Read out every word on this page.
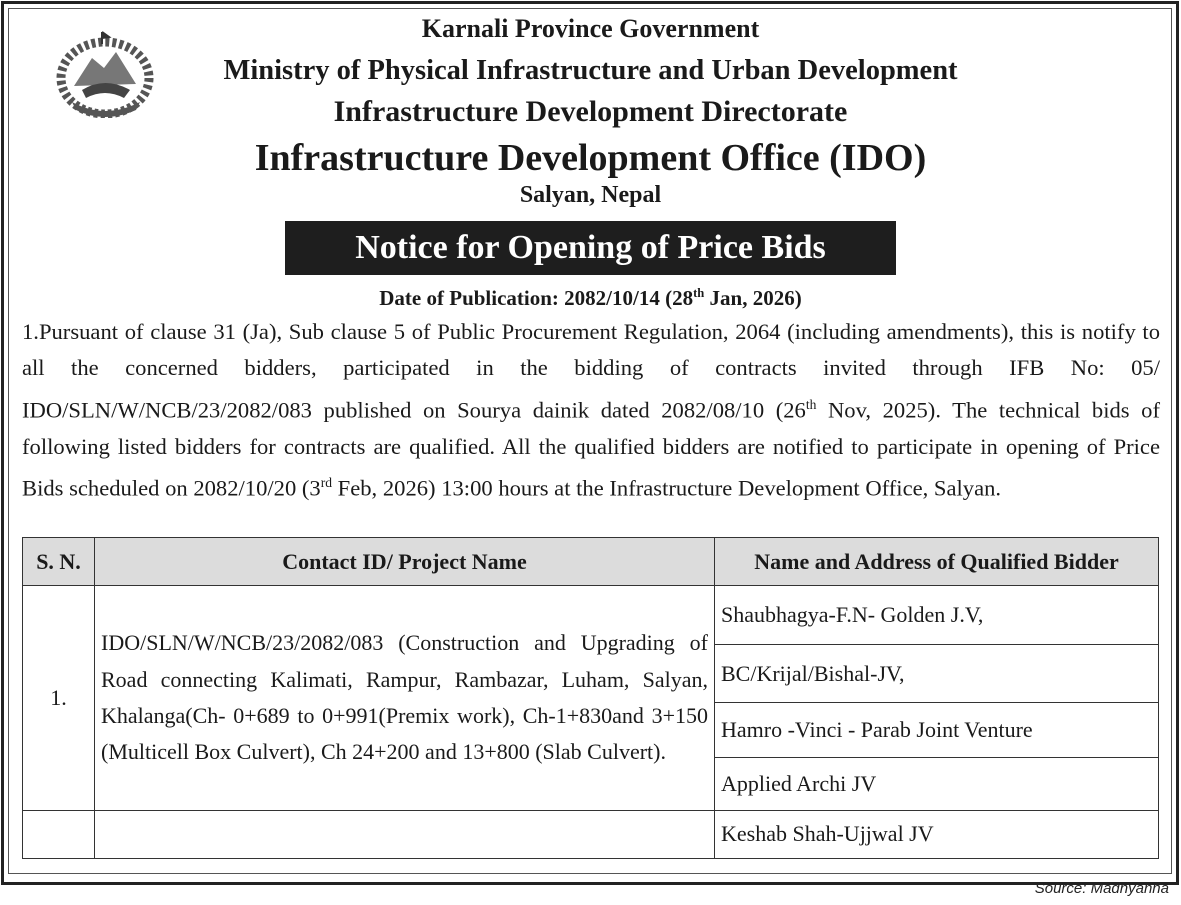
Karnali Province Government
Ministry of Physical Infrastructure and Urban Development
Infrastructure Development Directorate
Infrastructure Development Office (IDO)
Salyan, Nepal
Notice for Opening of Price Bids
Date of Publication: 2082/10/14 (28th Jan, 2026)
1.Pursuant of clause 31 (Ja), Sub clause 5 of Public Procurement Regulation, 2064 (including amendments), this is notify to all the concerned bidders, participated in the bidding of contracts invited through IFB No: 05/ IDO/SLN/W/NCB/23/2082/083 published on Sourya dainik dated 2082/08/10 (26th Nov, 2025). The technical bids of following listed bidders for contracts are qualified. All the qualified bidders are notified to participate in opening of Price Bids scheduled on 2082/10/20 (3rd Feb, 2026) 13:00 hours at the Infrastructure Development Office, Salyan.
S. N.	Contact ID/ Project Name	Name and Address of Qualified Bidder
1.	IDO/SLN/W/NCB/23/2082/083 (Construction and Upgrading of Road connecting Kalimati, Rampur, Rambazar, Luham, Salyan, Khalanga(Ch- 0+689 to 0+991(Premix work), Ch-1+830and 3+150 (Multicell Box Culvert), Ch 24+200 and 13+800 (Slab Culvert).	Shaubhagya-F.N- Golden J.V,
		BC/Krijal/Bishal-JV,
		Hamro -Vinci - Parab Joint Venture
		Applied Archi JV
		Keshab Shah-Ujjwal JV
Source: Madhyanha
